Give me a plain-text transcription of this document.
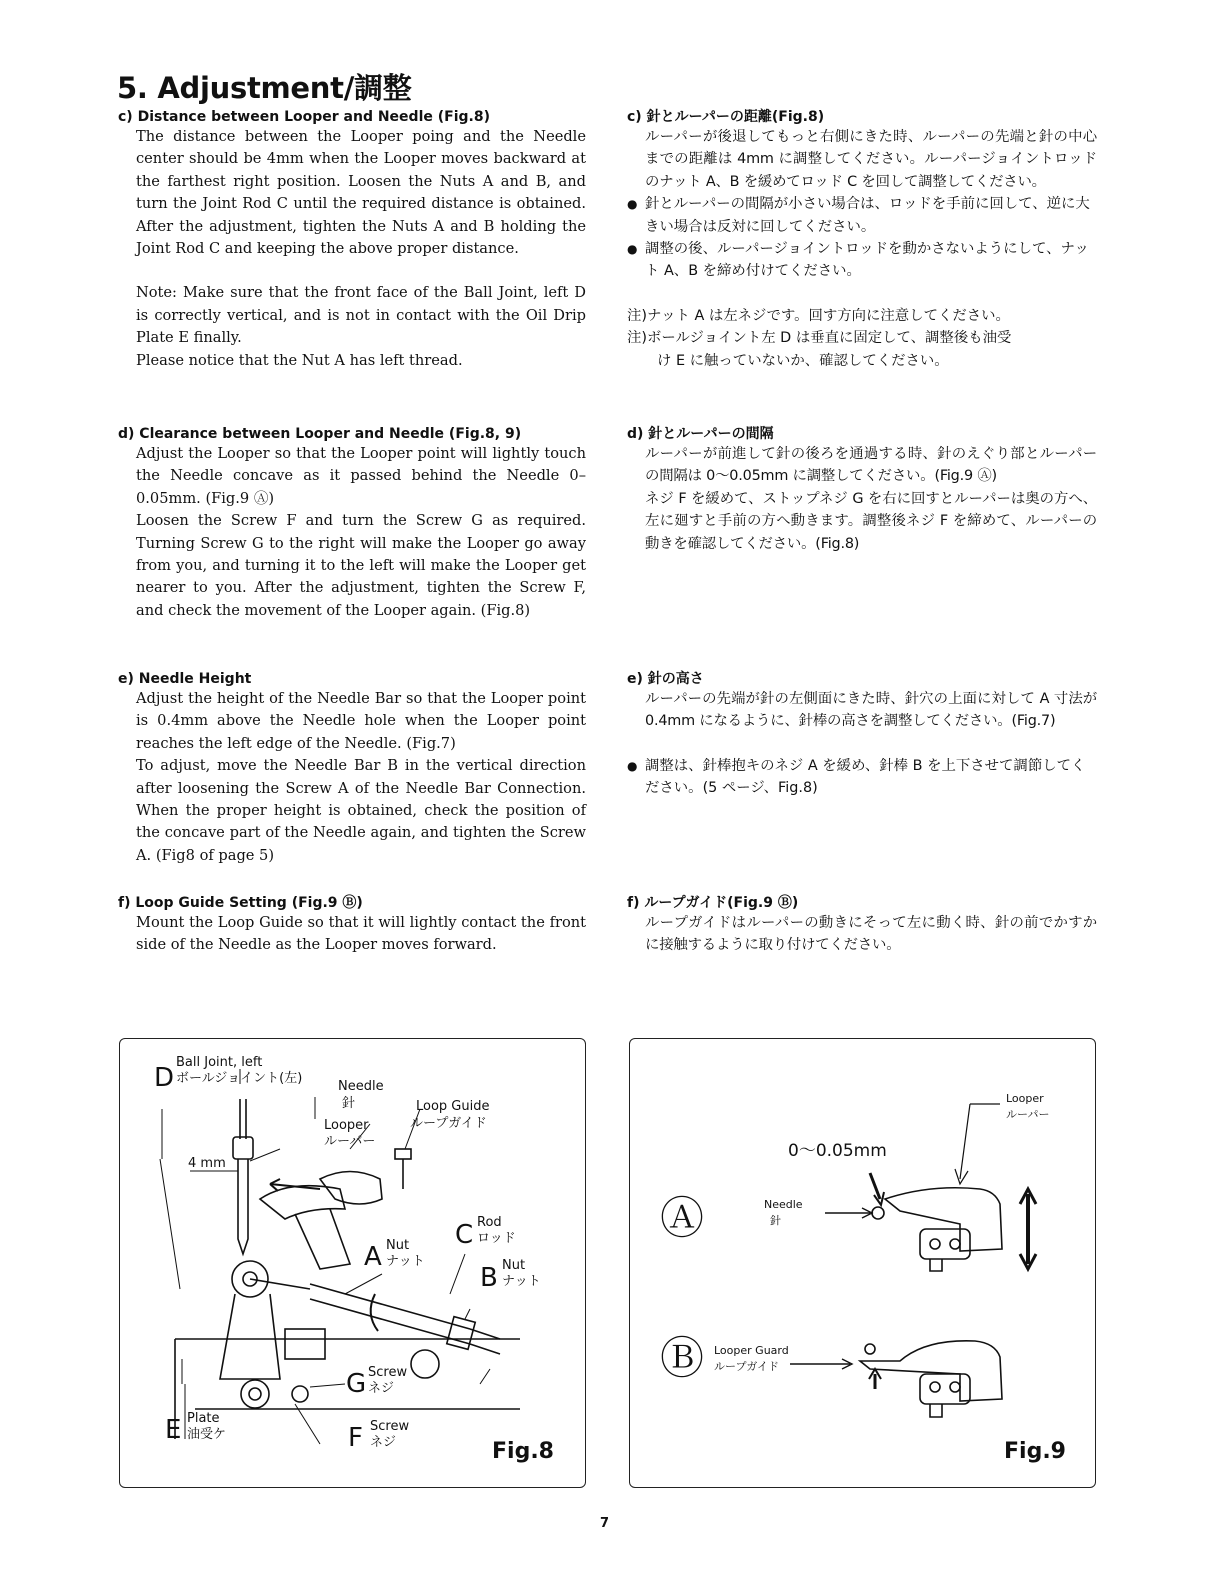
5. Adjustment/調整

c) Distance between Looper and Needle (Fig.8)

The distance between the Looper poing and the Needle center should be 4mm when the Looper moves backward at the farthest right position. Loosen the Nuts A and B, and turn the Joint Rod C until the required distance is obtained. After the adjustment, tighten the Nuts A and B holding the Joint Rod C and keeping the above proper distance.

Note: Make sure that the front face of the Ball Joint, left D is correctly vertical, and is not in contact with the Oil Drip Plate E finally.

Please notice that the Nut A has left thread.

d) Clearance between Looper and Needle (Fig.8, 9)

Adjust the Looper so that the Looper point will lightly touch the Needle concave as it passed behind the Needle 0–0.05mm. (Fig.9 Ⓐ)

Loosen the Screw F and turn the Screw G as required. Turning Screw G to the right will make the Looper go away from you, and turning it to the left will make the Looper get nearer to you. After the adjustment, tighten the Screw F, and check the movement of the Looper again. (Fig.8)

e) Needle Height

Adjust the height of the Needle Bar so that the Looper point is 0.4mm above the Needle hole when the Looper point reaches the left edge of the Needle. (Fig.7)

To adjust, move the Needle Bar B in the vertical direction after loosening the Screw A of the Needle Bar Connection. When the proper height is obtained, check the position of the concave part of the Needle again, and tighten the Screw A. (Fig8 of page 5)

f) Loop Guide Setting (Fig.9 Ⓑ)

Mount the Loop Guide so that it will lightly contact the front side of the Needle as the Looper moves forward.

c) 針とルーパーの距離(Fig.8)

ルーパーが後退してもっと右側にきた時、ルーパーの先端と針の中心までの距離は 4mm に調整してください。ルーパージョイントロッドのナット A、B を緩めてロッド C を回して調整してください。

● 針とルーパーの間隔が小さい場合は、ロッドを手前に回して、逆に大きい場合は反対に回してください。

● 調整の後、ルーパージョイントロッドを動かさないようにして、ナット A、B を締め付けてください。

注)ナット A は左ネジです。回す方向に注意してください。

注)ボールジョイント左 D は垂直に固定して、調整後も油受

け E に触っていないか、確認してください。

d) 針とルーパーの間隔

ルーパーが前進して針の後ろを通過する時、針のえぐり部とルーパーの間隔は 0〜0.05mm に調整してください。(Fig.9 Ⓐ)

ネジ F を緩めて、ストップネジ G を右に回すとルーパーは奥の方へ、左に廻すと手前の方へ動きます。調整後ネジ F を締めて、ルーパーの動きを確認してください。(Fig.8)

e) 針の高さ

ルーパーの先端が針の左側面にきた時、針穴の上面に対して A 寸法が 0.4mm になるように、針棒の高さを調整してください。(Fig.7)

● 調整は、針棒抱キのネジ A を緩め、針棒 B を上下させて調節してください。(5 ページ、Fig.8)

f) ループガイド(Fig.9 Ⓑ)

ループガイドはルーパーの動きにそって左に動く時、針の前でかすかに接触するように取り付けてください。

D
Ball Joint, left
ボールジョイント(左)
Needle
針
Looper
ルーパー
Loop Guide
ループガイド
4 mm
A Nut
ナット
C Rod
ロッド
B Nut
ナット
G Screw
ネジ
E Plate
油受ケ	F Screw
ネジ	Fig.8
Ⓐ
Ⓑ
0〜0.05mm
Looper
ルーパー
Needle
針
Looper Guard
ループガイド
Fig.9
7
